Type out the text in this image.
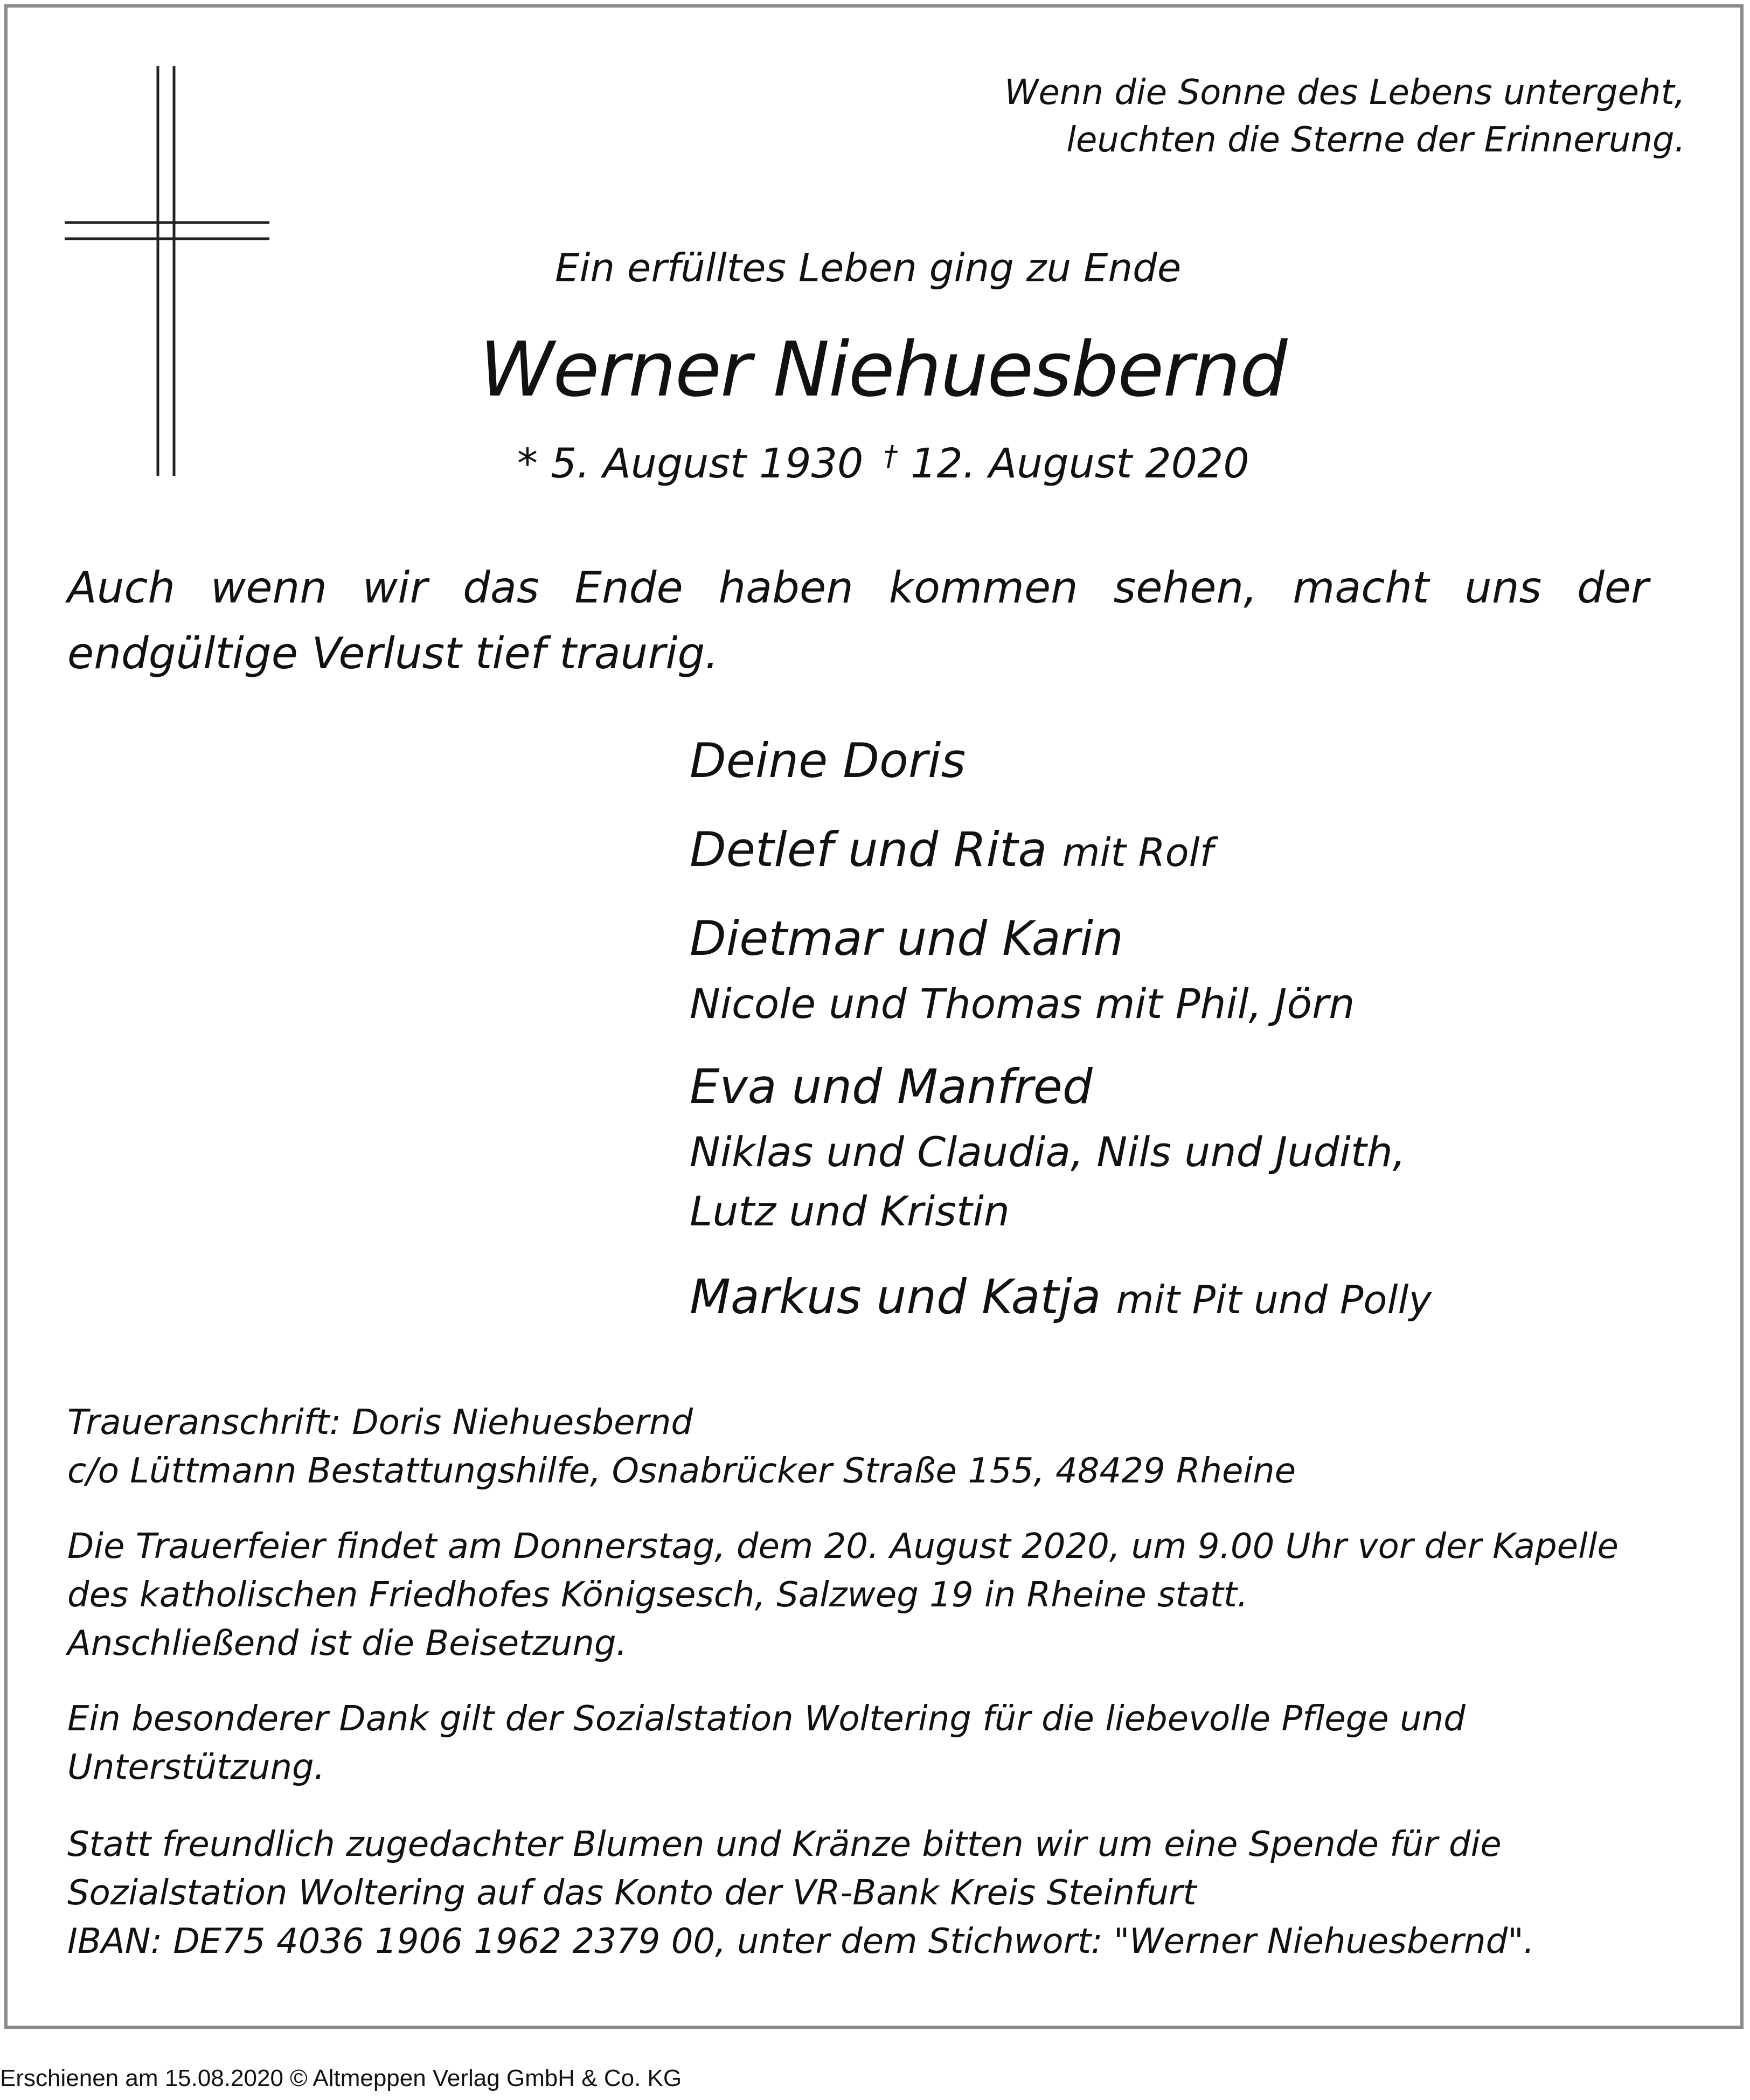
Wenn die Sonne des Lebens untergeht,
leuchten die Sterne der Erinnerung.
Ein erfülltes Leben ging zu Ende
Werner Niehuesbernd
* 5. August 1930 † 12. August 2020
Auch wenn wir das Ende haben kommen sehen, macht uns der
endgültige Verlust tief traurig.
Deine Doris
Detlef und Rita mit Rolf
Dietmar und Karin
Nicole und Thomas mit Phil, Jörn
Eva und Manfred
Niklas und Claudia, Nils und Judith,
Lutz und Kristin
Markus und Katja mit Pit und Polly
Traueranschrift: Doris Niehuesbernd
c/o Lüttmann Bestattungshilfe, Osnabrücker Straße 155, 48429 Rheine
Die Trauerfeier findet am Donnerstag, dem 20. August 2020, um 9.00 Uhr vor der Kapelle
des katholischen Friedhofes Königsesch, Salzweg 19 in Rheine statt.
Anschließend ist die Beisetzung.
Ein besonderer Dank gilt der Sozialstation Woltering für die liebevolle Pflege und
Unterstützung.
Statt freundlich zugedachter Blumen und Kränze bitten wir um eine Spende für die
Sozialstation Woltering auf das Konto der VR-Bank Kreis Steinfurt
IBAN: DE75 4036 1906 1962 2379 00, unter dem Stichwort: "Werner Niehuesbernd".
Erschienen am 15.08.2020 © Altmeppen Verlag GmbH & Co. KG
